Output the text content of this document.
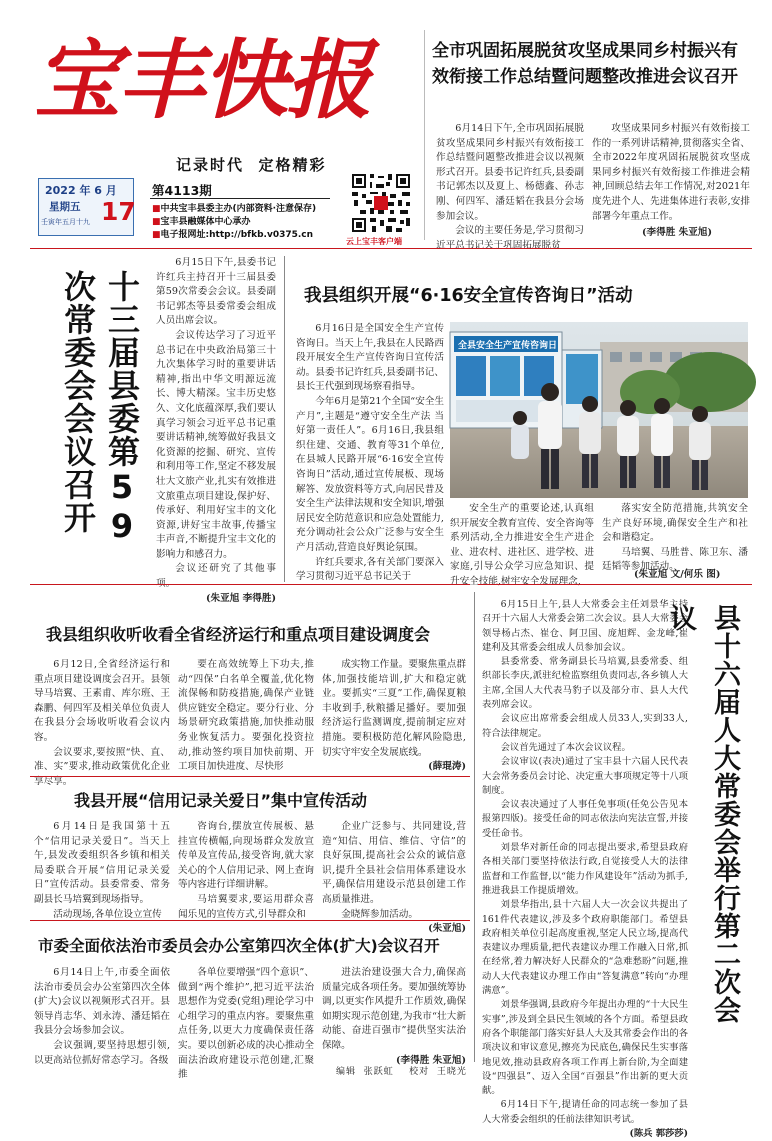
宝丰快报
记录时代  定格精彩
2022 年 6 月
星期五
壬寅年五月十九 17
第4113期
■中共宝丰县委主办(内部资料·注意保存)
■宝丰县融媒体中心承办
■电子报网址:http://bfkb.v0375.cn
云上宝丰客户端
全市巩固拓展脱贫攻坚成果同乡村振兴有
效衔接工作总结暨问题整改推进会议召开

6月14日下午,全市巩固拓展脱贫攻坚成果同乡村振兴有效衔接工作总结暨问题整改推进会议以视频形式召开。县委书记许红兵,县委副书记郭杰以及夏上、杨德鑫、孙志刚、何四军、潘廷韬在我县分会场参加会议。

会议的主要任务是,学习贯彻习近平总书记关于巩固拓展脱贫

攻坚成果同乡村振兴有效衔接工作的一系列讲话精神,贯彻落实全省、全市2022年度巩固拓展脱贫攻坚成果同乡村振兴有效衔接工作推进会精神,回顾总结去年工作情况,对2021年度先进个人、先进集体进行表彰,安排部署今年重点工作。

(李得胜 朱亚旭)

6月15日下午,县委书记许红兵主持召开十三届县委第59次常委会会议。县委副书记郭杰等县委常委会组成人员出席会议。

会议传达学习了习近平总书记在中央政治局第三十九次集体学习时的重要讲话精神,指出中华文明源远流长、博大精深。宝丰历史悠久、文化底蕴深厚,我们要认真学习领会习近平总书记重要讲话精神,统筹做好我县文化资源的挖掘、研究、宣传和利用等工作,坚定不移发展壮大文旅产业,扎实有效推进文旅重点项目建设,保护好、传承好、利用好宝丰的文化资源,讲好宝丰故事,传播宝丰声音,不断提升宝丰文化的影响力和感召力。

会议还研究了其他事项。

(朱亚旭 李得胜)
十三届县委第59次常委会会议召开	我县组织开展“6·16安全宣传咨询日”活动

6月16日是全国安全生产宣传咨询日。当天上午,我县在人民路西段开展安全生产宣传咨询日宣传活动。县委书记许红兵,县委副书记、县长王代强到现场察看指导。

今年6月是第21个全国“安全生产月”,主题是“遵守安全生产法 当好第一责任人”。6月16日,我县组织住建、交通、教育等31个单位,在县城人民路开展“6·16安全宣传咨询日”活动,通过宣传展板、现场解答、发放资料等方式,向居民普及安全生产法律法规和安全知识,增强居民安全防范意识和应急处置能力,充分调动社会公众广泛参与安全生产月活动,营造良好舆论氛围。

许红兵要求,各有关部门要深入学习贯彻习近平总书记关于

全县安全生产宣传咨询日

安全生产的重要论述,认真组织开展安全教育宣传、安全咨询等系列活动,全力推进安全生产进企业、进农村、进社区、进学校、进家庭,引导公众学习应急知识、提升安全技能,树牢安全发展理念,

落实安全防范措施,共筑安全生产良好环境,确保安全生产和社会和谐稳定。

马培翼、马胜普、陈卫东、潘廷韬等参加活动。

(朱亚旭 文/何乐 图)
我县组织收听收看全省经济运行和重点项目建设调度会

6月12日,全省经济运行和重点项目建设调度会召开。县领导马培翼、王素甫、库尔班、王森鹏、何四军及相关单位负责人在我县分会场收听收看会议内容。

会议要求,要按照“快、直、准、实”要求,推动政策优化企业享尽享。

要在高效统筹上下功夫,推动“四保”白名单全覆盖,优化物流保畅和防疫措施,确保产业链供应链安全稳定。要分行业、分场景研究政策措施,加快推动服务业恢复活力。要强化投资拉动,推动签约项目加快前期、开工项目加快进度、尽快形

成实物工作量。要聚焦重点群体,加强技能培训,扩大和稳定就业。要抓实“三夏”工作,确保夏粮丰收到手,秋粮播足播好。要加强经济运行监测调度,提前制定应对措施。要积极防范化解风险隐患,切实守牢安全发展底线。

(薛琨涛)
我县开展“信用记录关爱日”集中宣传活动

6月14日是我国第十五个“信用记录关爱日”。当天上午,县发改委组织各乡镇和相关局委联合开展“信用记录关爱日”宣传活动。县委常委、常务副县长马培翼到现场指导。

活动现场,各单位设立宣传

咨询台,摆放宣传展板、悬挂宣传横幅,向现场群众发放宣传单及宣传品,接受咨询,就大家关心的个人信用记录、网上查询等内容进行详细讲解。

马培翼要求,要运用群众喜闻乐见的宣传方式,引导群众和

企业广泛参与、共同建设,营造“知信、用信、维信、守信”的良好氛围,提高社会公众的诚信意识,提升全县社会信用体系建设水平,确保信用建设示范县创建工作高质量推进。

金晓辉参加活动。

(朱亚旭)
市委全面依法治市委员会办公室第四次全体(扩大)会议召开

6月14日上午,市委全面依法治市委员会办公室第四次全体(扩大)会议以视频形式召开。县领导肖志华、刘永涛、潘廷韬在我县分会场参加会议。

会议强调,要坚持思想引领,以更高站位抓好常态学习。各级

各单位要增强“四个意识”、做到“两个维护”,把习近平法治思想作为党委(党组)理论学习中心组学习的重点内容。要聚焦重点任务,以更大力度确保责任落实。要以创新必成的决心推动全面法治政府建设示范创建,汇聚推

进法治建设强大合力,确保高质量完成各项任务。要加强统筹协调,以更实作风提升工作质效,确保如期实现示范创建,为我市“壮大新动能、奋进百强市”提供坚实法治保障。

(李得胜 朱亚旭)

6月15日上午,县人大常委会主任刘景华主持召开十六届人大常委会第二次会议。县人大常委会领导杨占杰、崔仓、阿卫国、庞旭辉、金龙峰,崔建利及其常委会组成人员参加会议。

县委常委、常务副县长马培翼,县委常委、组织部长李庆,派驻纪检监察组负责同志,各乡镇人大主席,全国人大代表马豹子以及部分市、县人大代表列席会议。

会议应出席常委会组成人员33人,实到33人,符合法律规定。

会议首先通过了本次会议议程。

会议审议(表决)通过了宝丰县十六届人民代表大会常务委员会讨论、决定重大事项规定等十八项制度。

会议表决通过了人事任免事项(任免公告见本报第四版)。接受任命的同志依法向宪法宣誓,并接受任命书。

刘景华对新任命的同志提出要求,希望县政府各相关部门要坚持依法行政,自觉接受人大的法律监督和工作监督,以“能力作风建设年”活动为抓手,推进我县工作提质增效。

刘景华指出,县十六届人大一次会议共提出了161件代表建议,涉及多个政府职能部门。希望县政府相关单位引起高度重视,坚定人民立场,提高代表建议办理质量,把代表建议办理工作融入日常,抓在经常,着力解决好人民群众的“急难愁盼”问题,推动人大代表建议办理工作由“答复满意”转向“办理满意”。

刘景华强调,县政府今年提出办理的“十大民生实事”,涉及到全县民生领域的各个方面。希望县政府各个职能部门落实好县人大及其常委会作出的各项决议和审议意见,擦亮为民底色,确保民生实事落地见效,推动县政府各项工作再上新台阶,为全面建设“四强县”、迈入全国“百强县”作出新的更大贡献。

6月14日下午,提请任命的同志统一参加了县人大常委会组织的任前法律知识考试。

(陈兵 郭莎莎)
县十六届人大常委会举行第二次会议
编辑  张跃虹    校对  王晓光
